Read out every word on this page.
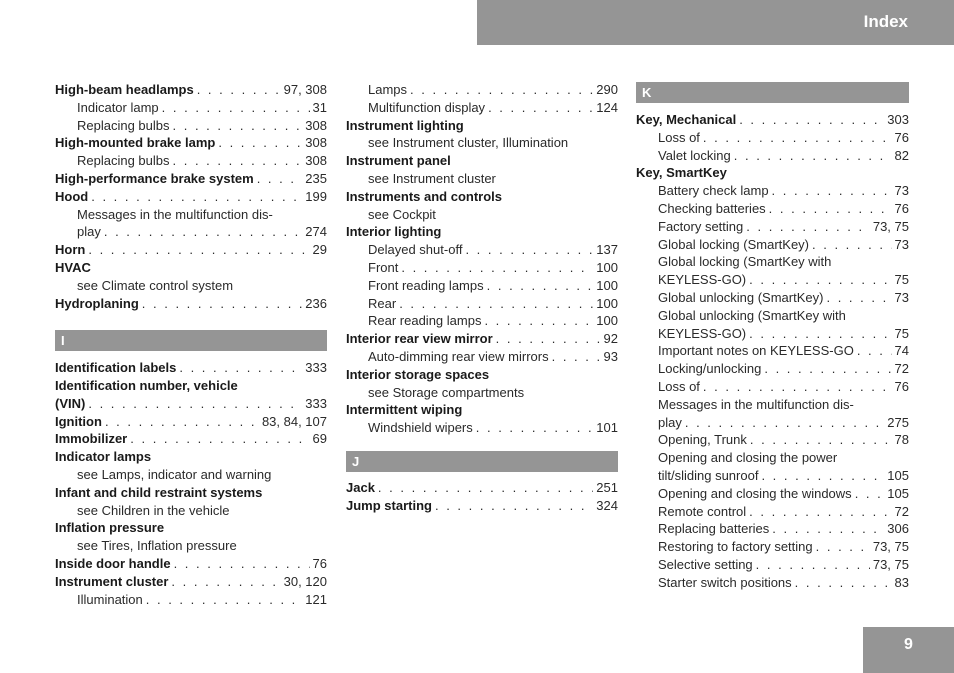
Index
High-beam headlamps . . .	97, 308
Indicator lamp . . .	31
Replacing bulbs . . .	308
High-mounted brake lamp . . .	308
Replacing bulbs . . .	308
High-performance brake system . . .	235
Hood . . .	199
Messages in the multifunction dis-
play . . .	274
Horn . . .	29
HVAC
see Climate control system
Hydroplaning . . .	236
I
Identification labels . . .	333
Identification number, vehicle
(VIN) . . .	333
Ignition . . .	83, 84, 107
Immobilizer . . .	69
Indicator lamps
see Lamps, indicator and warning
Infant and child restraint systems
see Children in the vehicle
Inflation pressure
see Tires, Inflation pressure
Inside door handle . . .	76
Instrument cluster . . .	30, 120
Illumination . . .	121
Lamps . . .	290
Multifunction display . . .	124
Instrument lighting
see Instrument cluster, Illumination
Instrument panel
see Instrument cluster
Instruments and controls
see Cockpit
Interior lighting
Delayed shut-off . . .	137
Front . . .	100
Front reading lamps . . .	100
Rear . . .	100
Rear reading lamps . . .	100
Interior rear view mirror . . .	92
Auto-dimming rear view mirrors . . .	93
Interior storage spaces
see Storage compartments
Intermittent wiping
Windshield wipers . . .	101
J
Jack . . .	251
Jump starting . . .	324
K
Key, Mechanical . . .	303
Loss of . . .	76
Valet locking . . .	82
Key, SmartKey
Battery check lamp . . .	73
Checking batteries . . .	76
Factory setting . . .	73, 75
Global locking (SmartKey) . . .	73
Global locking (SmartKey with
KEYLESS-GO) . . .	75
Global unlocking (SmartKey) . . .	73
Global unlocking (SmartKey with
KEYLESS-GO) . . .	75
Important notes on KEYLESS-GO . . .	74
Locking/unlocking . . .	72
Loss of . . .	76
Messages in the multifunction dis-
play . . .	275
Opening, Trunk . . .	78
Opening and closing the power
tilt/sliding sunroof . . .	105
Opening and closing the windows . . .	105
Remote control . . .	72
Replacing batteries . . .	306
Restoring to factory setting . . .	73, 75
Selective setting . . .	73, 75
Starter switch positions . . .	83
9
